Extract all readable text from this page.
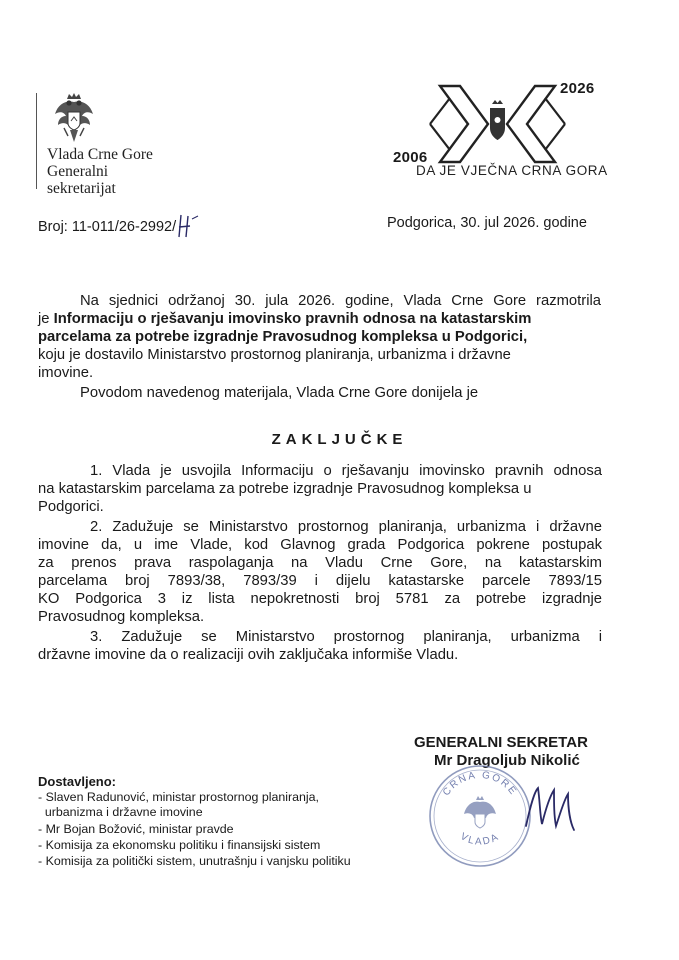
Vlada Crne Gore
Generalni
sekretarijat
2026
2006
DA JE VJEČNA CRNA GORA
Broj: 11-011/26-2992/	Podgorica, 30. jul 2026. godine
Na sjednici održanoj 30. jula 2026. godine, Vlada Crne Gore razmotrila
je Informaciju o rješavanju imovinsko pravnih odnosa na katastarskim
parcelama za potrebe izgradnje Pravosudnog kompleksa u Podgorici,
koju je dostavilo Ministarstvo prostornog planiranja, urbanizma i državne
imovine.
Povodom navedenog materijala, Vlada Crne Gore donijela je
ZAKLJUČKE
1. Vlada je usvojila Informaciju o rješavanju imovinsko pravnih odnosa
na katastarskim parcelama za potrebe izgradnje Pravosudnog kompleksa u
Podgorici.
2. Zadužuje se Ministarstvo prostornog planiranja, urbanizma i državne
imovine da, u ime Vlade, kod Glavnog grada Podgorica pokrene postupak
za prenos prava raspolaganja na Vladu Crne Gore, na katastarskim
parcelama broj 7893/38, 7893/39 i dijelu katastarske parcele 7893/15
KO Podgorica 3 iz lista nepokretnosti broj 5781 za potrebe izgradnje
Pravosudnog kompleksa.
3. Zadužuje se Ministarstvo prostornog planiranja, urbanizma i
državne imovine da o realizaciji ovih zaključaka informiše Vladu.
GENERALNI SEKRETAR
Mr Dragoljub Nikolić
CRNA GORE
VLADA
Dostavljeno:
- Slaven Radunović, ministar prostornog planiranja,
urbanizma i državne imovine
- Mr Bojan Božović, ministar pravde
- Komisija za ekonomsku politiku i finansijski sistem
- Komisija za politički sistem, unutrašnju i vanjsku politiku
